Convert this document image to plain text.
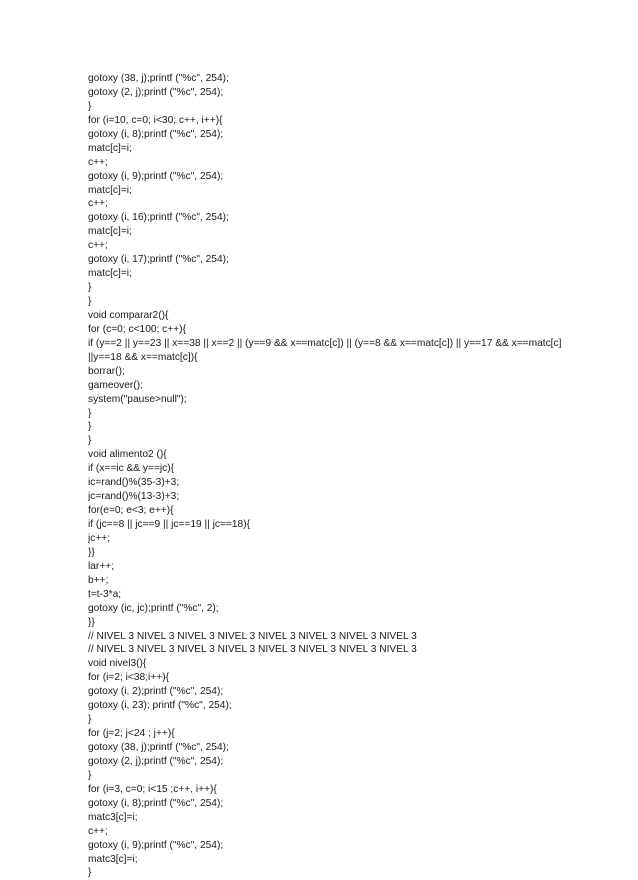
gotoxy (38, j);printf ("%c", 254);
gotoxy (2, j);printf ("%c", 254);
}
for (i=10, c=0; i<30; c++, i++){
gotoxy (i, 8);printf ("%c", 254);
matc[c]=i;
c++;
gotoxy (i, 9);printf ("%c", 254);
matc[c]=i;
c++;
gotoxy (i, 16);printf ("%c", 254);
matc[c]=i;
c++;
gotoxy (i, 17);printf ("%c", 254);
matc[c]=i;
}
}
void comparar2(){
for (c=0; c<100; c++){
if (y==2 || y==23 || x==38 || x==2 || (y==9 && x==matc[c]) || (y==8 && x==matc[c]) || y==17 && x==matc[c]
||y==18 && x==matc[c]){
borrar();
gameover();
system("pause>null");
}
}
}
void alimento2 (){
if (x==ic && y==jc){
ic=rand()%(35-3)+3;
jc=rand()%(13-3)+3;
for(e=0; e<3; e++){
if (jc==8 || jc==9 || jc==19 || jc==18){
jc++;
}}
lar++;
b++;
t=t-3*a;
gotoxy (ic, jc);printf ("%c", 2);
}}
// NIVEL 3 NIVEL 3 NIVEL 3 NIVEL 3 NIVEL 3 NIVEL 3 NIVEL 3 NIVEL 3
// NIVEL 3 NIVEL 3 NIVEL 3 NIVEL 3 NIVEL 3 NIVEL 3 NIVEL 3 NIVEL 3
void nivel3(){
for (i=2; i<38;i++){
gotoxy (i, 2);printf ("%c", 254);
gotoxy (i, 23); printf ("%c", 254);
}
for (j=2; j<24 ; j++){
gotoxy (38, j);printf ("%c", 254);
gotoxy (2, j);printf ("%c", 254);
}
for (i=3, c=0; i<15 ;c++, i++){
gotoxy (i, 8);printf ("%c", 254);
matc3[c]=i;
c++;
gotoxy (i, 9);printf ("%c", 254);
matc3[c]=i;
}
